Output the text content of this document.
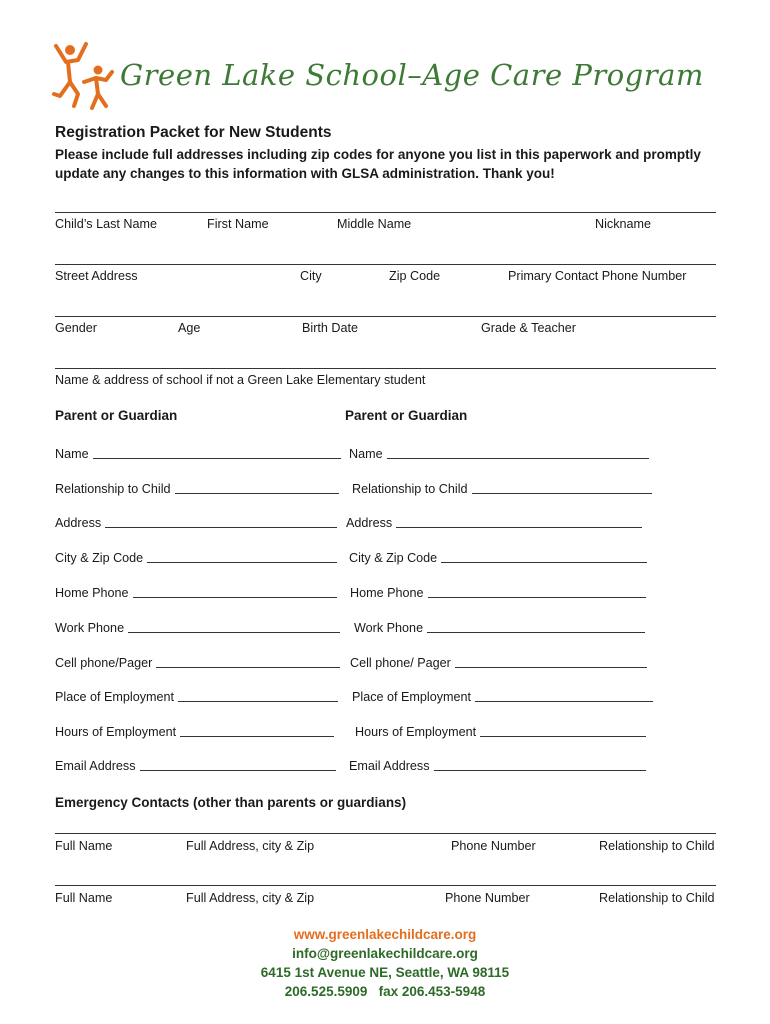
Green Lake School–Age Care Program
Registration Packet for New Students
Please include full addresses including zip codes for anyone you list in this paperwork and promptly update any changes to this information with GLSA administration. Thank you!
Child’s Last Name	First Name	Middle Name	Nickname
Street Address	City	Zip Code	Primary Contact Phone Number
Gender	Age	Birth Date	Grade & Teacher
Name & address of school if not a Green Lake Elementary student
Parent or Guardian	Parent or Guardian
Name	Name
Relationship to Child	Relationship to Child
Address	Address
City & Zip Code	City & Zip Code
Home Phone	Home Phone
Work Phone	Work Phone
Cell phone/Pager	Cell phone/ Pager
Place of Employment	Place of Employment
Hours of Employment	Hours of Employment
Email Address	Email Address
Emergency Contacts (other than parents or guardians)
Full Name	Full Address, city & Zip	Phone Number	Relationship to Child
Full Name	Full Address, city & Zip	Phone Number	Relationship to Child
www.greenlakechildcare.org
info@greenlakechildcare.org
6415 1st Avenue NE, Seattle, WA 98115
206.525.5909   fax 206.453-5948
